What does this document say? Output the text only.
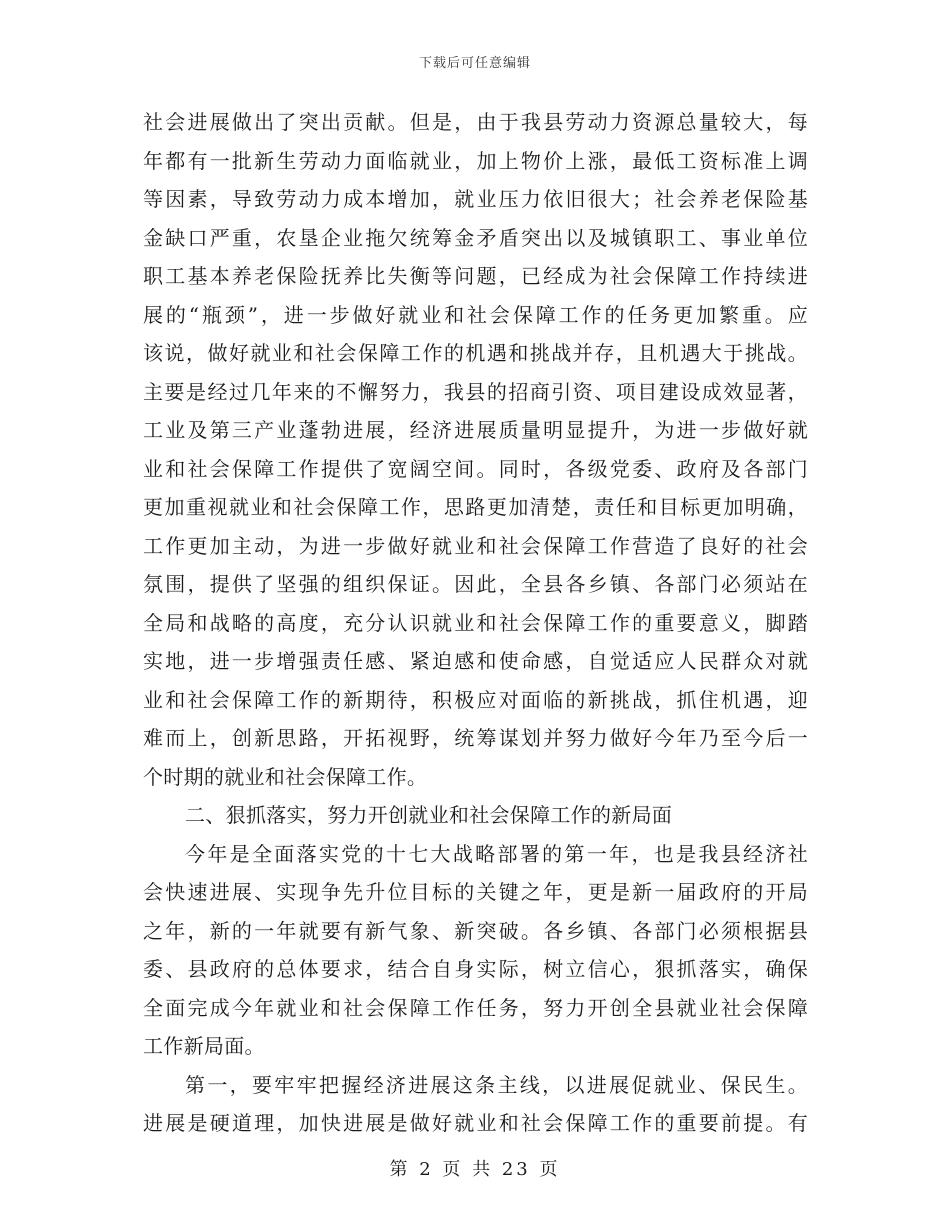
下载后可任意编辑
社会进展做出了突出贡献。但是，由于我县劳动力资源总量较大，每
年都有一批新生劳动力面临就业，加上物价上涨，最低工资标准上调
等因素，导致劳动力成本增加，就业压力依旧很大；社会养老保险基
金缺口严重，农垦企业拖欠统筹金矛盾突出以及城镇职工、事业单位
职工基本养老保险抚养比失衡等问题，已经成为社会保障工作持续进
展的“瓶颈”，进一步做好就业和社会保障工作的任务更加繁重。应
该说，做好就业和社会保障工作的机遇和挑战并存，且机遇大于挑战。
主要是经过几年来的不懈努力，我县的招商引资、项目建设成效显著，
工业及第三产业蓬勃进展，经济进展质量明显提升，为进一步做好就
业和社会保障工作提供了宽阔空间。同时，各级党委、政府及各部门
更加重视就业和社会保障工作，思路更加清楚，责任和目标更加明确，
工作更加主动，为进一步做好就业和社会保障工作营造了良好的社会
氛围，提供了坚强的组织保证。因此，全县各乡镇、各部门必须站在
全局和战略的高度，充分认识就业和社会保障工作的重要意义，脚踏
实地，进一步增强责任感、紧迫感和使命感，自觉适应人民群众对就
业和社会保障工作的新期待，积极应对面临的新挑战，抓住机遇，迎
难而上，创新思路，开拓视野，统筹谋划并努力做好今年乃至今后一
个时期的就业和社会保障工作。
二、狠抓落实，努力开创就业和社会保障工作的新局面
今年是全面落实党的十七大战略部署的第一年，也是我县经济社
会快速进展、实现争先升位目标的关键之年，更是新一届政府的开局
之年，新的一年就要有新气象、新突破。各乡镇、各部门必须根据县
委、县政府的总体要求，结合自身实际，树立信心，狠抓落实，确保
全面完成今年就业和社会保障工作任务，努力开创全县就业社会保障
工作新局面。
第一，要牢牢把握经济进展这条主线，以进展促就业、保民生。
进展是硬道理，加快进展是做好就业和社会保障工作的重要前提。有
第 2 页 共 23 页
